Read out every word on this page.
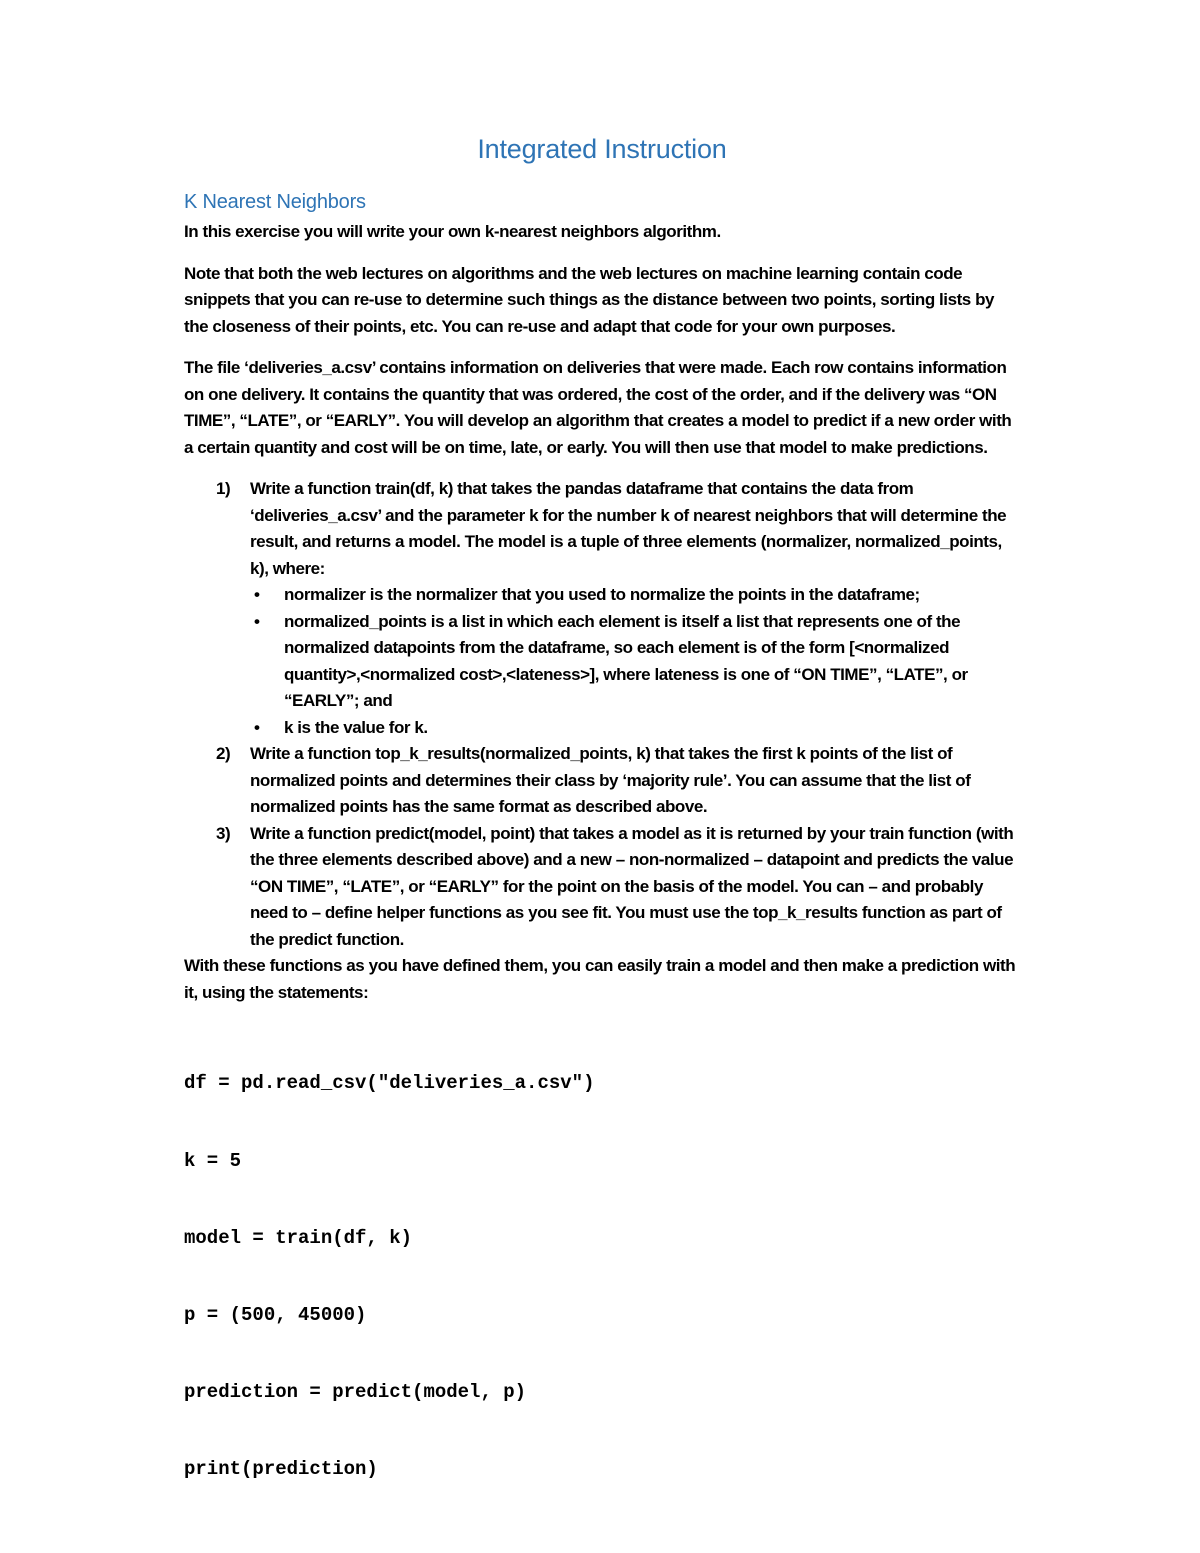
Integrated Instruction
K Nearest Neighbors

In this exercise you will write your own k-nearest neighbors algorithm.

Note that both the web lectures on algorithms and the web lectures on machine learning contain code snippets that you can re-use to determine such things as the distance between two points, sorting lists by the closeness of their points, etc. You can re-use and adapt that code for your own purposes.

The file ‘deliveries_a.csv’ contains information on deliveries that were made. Each row contains information on one delivery. It contains the quantity that was ordered, the cost of the order, and if the delivery was “ON TIME”, “LATE”, or “EARLY”. You will develop an algorithm that creates a model to predict if a new order with a certain quantity and cost will be on time, late, or early. You will then use that model to make predictions.

1) Write a function train(df, k) that takes the pandas dataframe that contains the data from ‘deliveries_a.csv’ and the parameter k for the number k of nearest neighbors that will determine the result, and returns a model. The model is a tuple of three elements (normalizer, normalized_points, k), where:
• normalizer is the normalizer that you used to normalize the points in the dataframe;
• normalized_points is a list in which each element is itself a list that represents one of the normalized datapoints from the dataframe, so each element is of the form [<normalized quantity>,<normalized cost>,<lateness>], where lateness is one of “ON TIME”, “LATE”, or “EARLY”; and
• k is the value for k.
2) Write a function top_k_results(normalized_points, k) that takes the first k points of the list of normalized points and determines their class by ‘majority rule’. You can assume that the list of normalized points has the same format as described above.
3) Write a function predict(model, point) that takes a model as it is returned by your train function (with the three elements described above) and a new – non-normalized – datapoint and predicts the value “ON TIME”, “LATE”, or “EARLY” for the point on the basis of the model. You can – and probably need to – define helper functions as you see fit. You must use the top_k_results function as part of the predict function.

With these functions as you have defined them, you can easily train a model and then make a prediction with it, using the statements:

df = pd.read_csv("deliveries_a.csv")

k = 5

model = train(df, k)

p = (500, 45000)

prediction = predict(model, p)

print(prediction)
